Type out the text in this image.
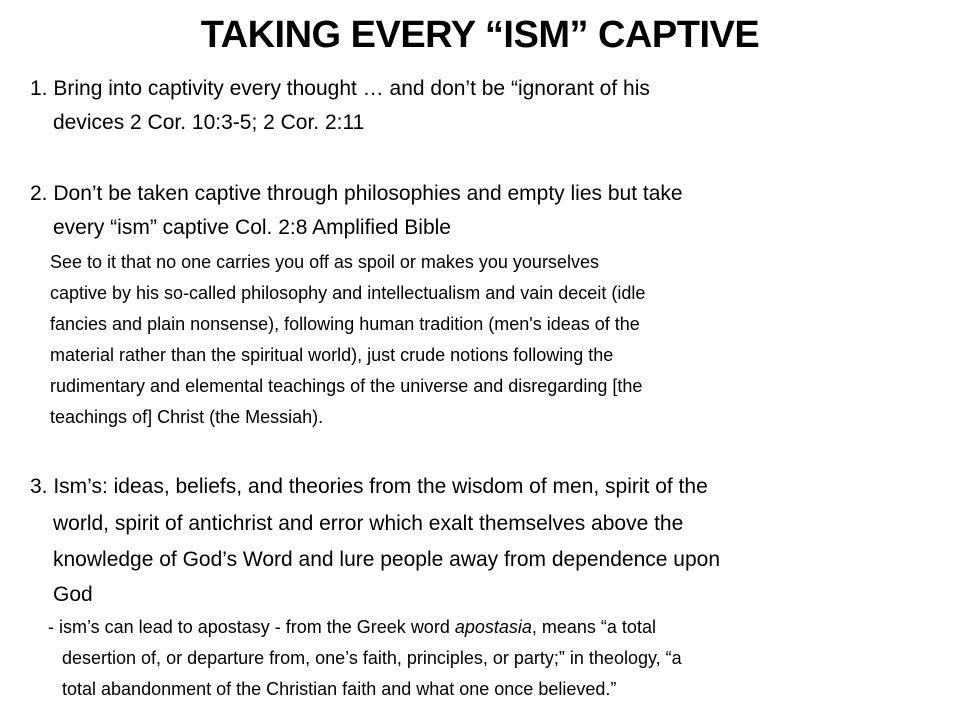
TAKING EVERY “ISM” CAPTIVE
1. Bring into captivity every thought … and don’t be “ignorant of his
devices 2 Cor. 10:3-5; 2 Cor. 2:11
2. Don’t be taken captive through philosophies and empty lies but take
every “ism” captive Col. 2:8 Amplified Bible
See to it that no one carries you off as spoil or makes you yourselves
captive by his so-called philosophy and intellectualism and vain deceit (idle
fancies and plain nonsense), following human tradition (men's ideas of the
material rather than the spiritual world), just crude notions following the
rudimentary and elemental teachings of the universe and disregarding [the
teachings of] Christ (the Messiah).
3. Ism’s: ideas, beliefs, and theories from the wisdom of men, spirit of the
world, spirit of antichrist and error which exalt themselves above the
knowledge of God’s Word and lure people away from dependence upon
God
- ism’s can lead to apostasy - from the Greek word apostasia, means “a total
desertion of, or departure from, one’s faith, principles, or party;” in theology, “a
total abandonment of the Christian faith and what one once believed.”
